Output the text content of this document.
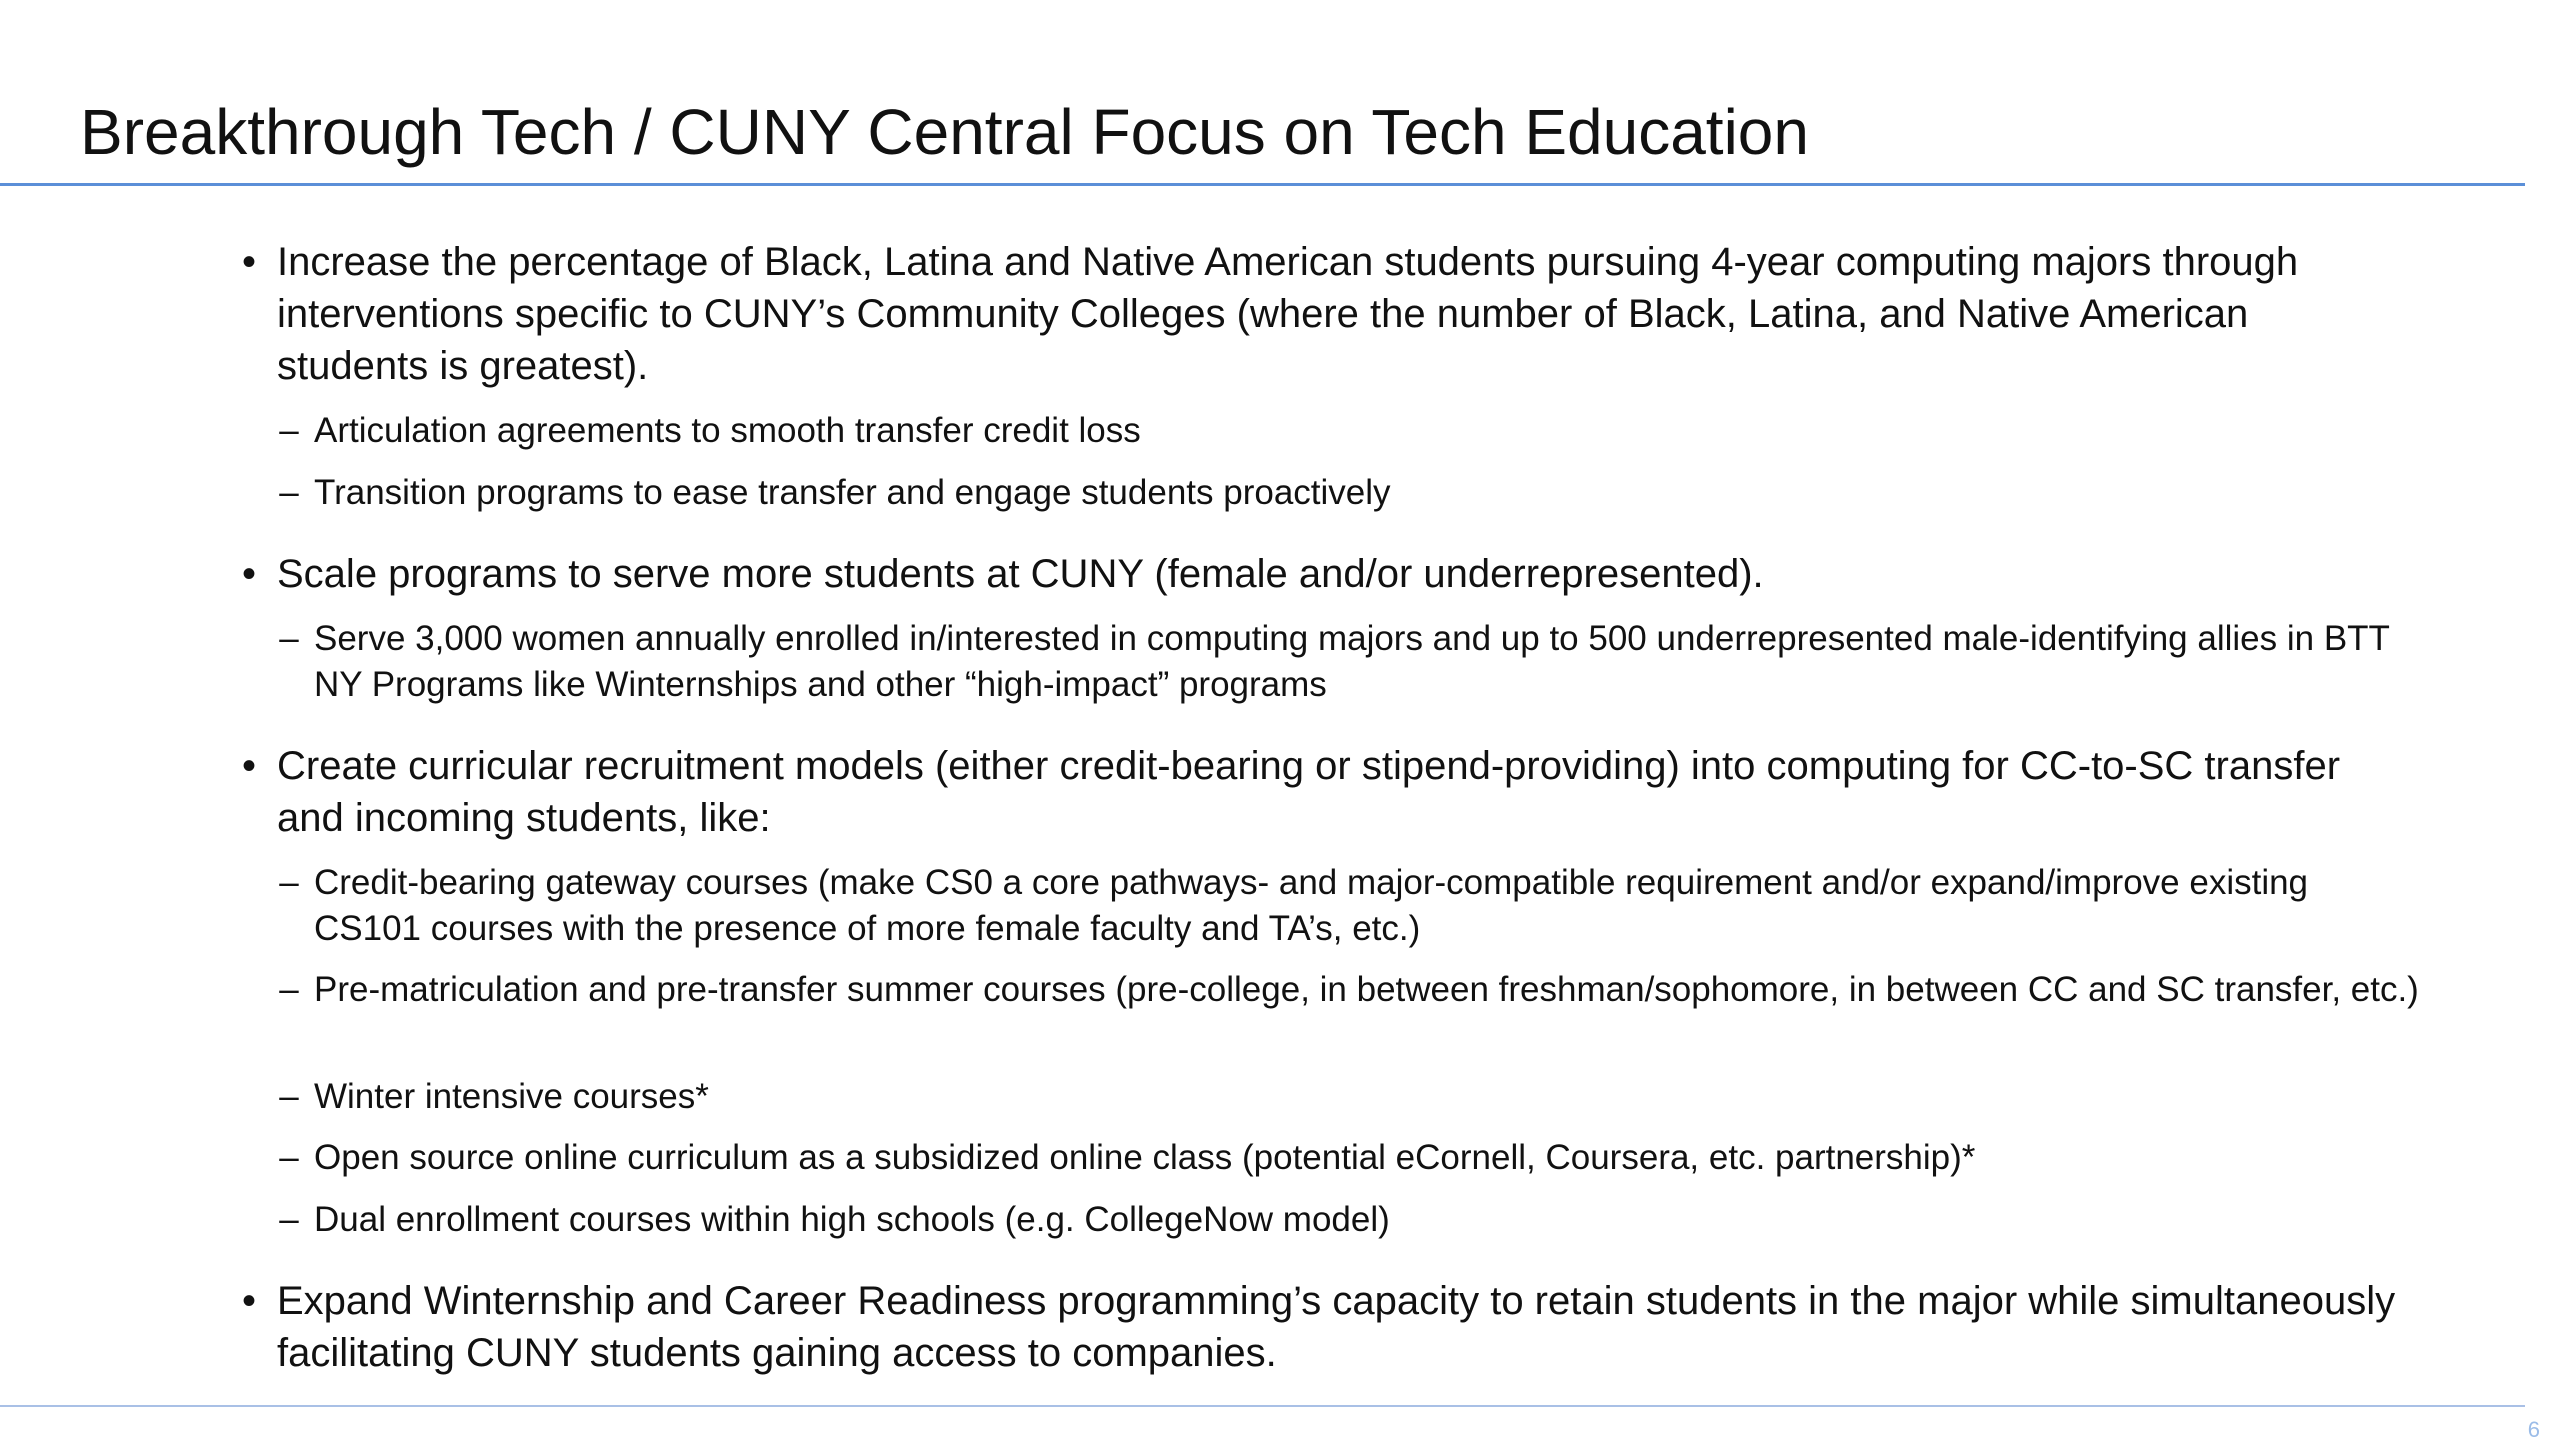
Breakthrough Tech / CUNY Central Focus on Tech Education
• Increase the percentage of Black, Latina and Native American students pursuing 4-year computing majors through interventions specific to CUNY’s Community Colleges (where the number of Black, Latina, and Native American students is greatest).
– Articulation agreements to smooth transfer credit loss
– Transition programs to ease transfer and engage students proactively
• Scale programs to serve more students at CUNY (female and/or underrepresented).
– Serve 3,000 women annually enrolled in/interested in computing majors and up to 500 underrepresented male-identifying allies in BTT NY Programs like Winternships and other “high-impact” programs
• Create curricular recruitment models (either credit-bearing or stipend-providing) into computing for CC-to-SC transfer and incoming students, like:
– Credit-bearing gateway courses (make CS0 a core pathways- and major-compatible requirement and/or expand/improve existing CS101 courses with the presence of more female faculty and TA’s, etc.)
– Pre-matriculation and pre-transfer summer courses (pre-college, in between freshman/sophomore, in between CC and SC transfer, etc.)
– Winter intensive courses*
– Open source online curriculum as a subsidized online class (potential eCornell, Coursera, etc. partnership)*
– Dual enrollment courses within high schools (e.g. CollegeNow model)
• Expand Winternship and Career Readiness programming’s capacity to retain students in the major while simultaneously facilitating CUNY students gaining access to companies.
6
